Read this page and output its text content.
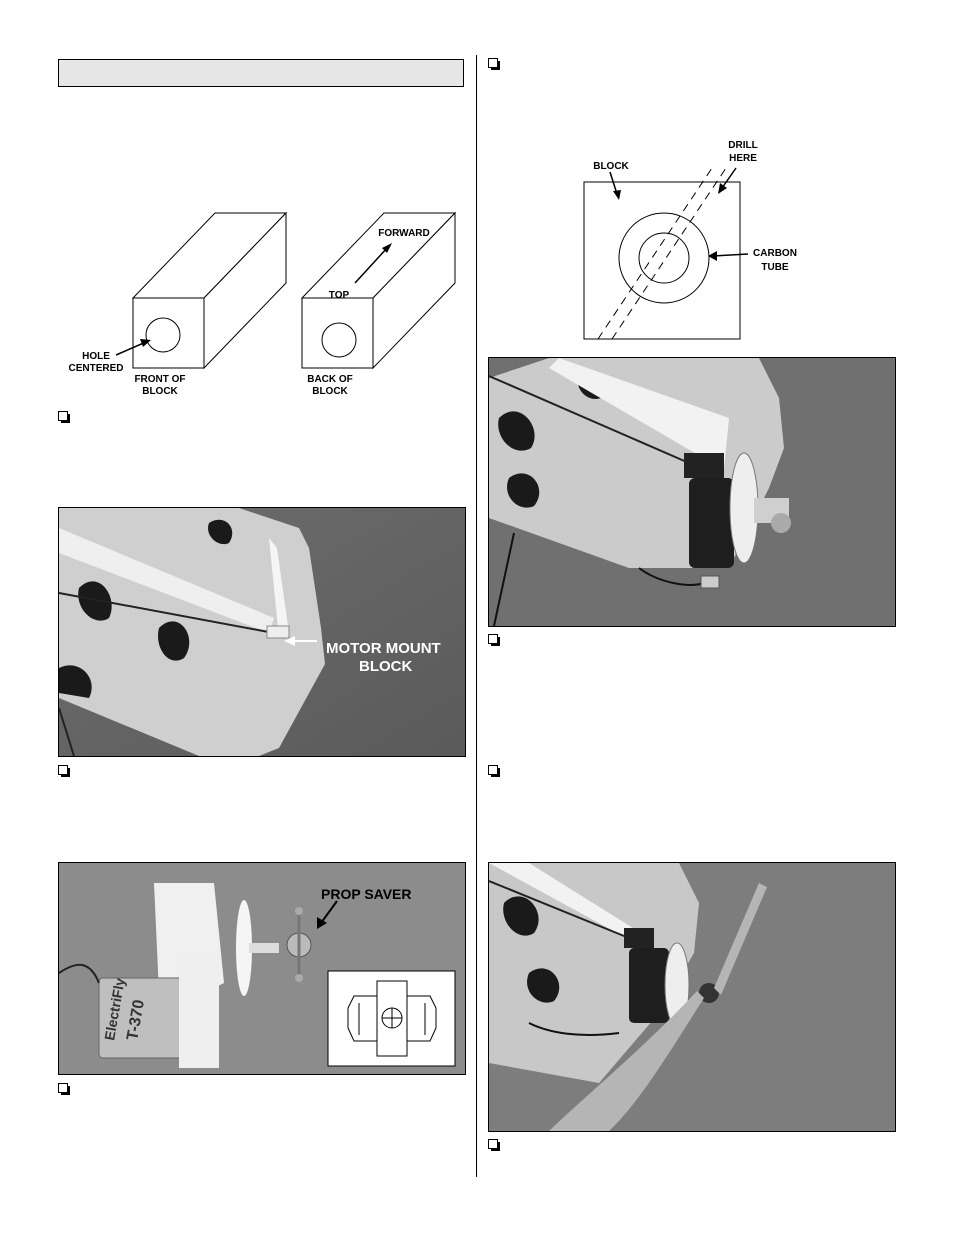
HOLE
CENTERED
FRONT OF
BLOCK
BACK OF
BLOCK
TOP
FORWARD
MOTOR MOUNT
BLOCK
ElectriFly
T-370
PROP SAVER
BLOCK
DRILL
HERE
CARBON
TUBE
